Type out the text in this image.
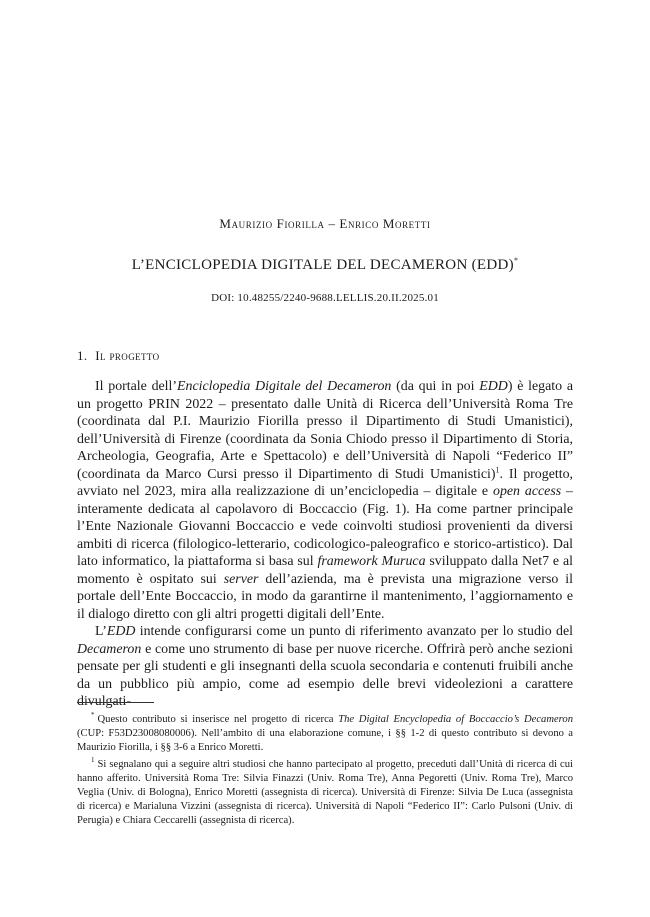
Maurizio Fiorilla – Enrico Moretti
L’ENCICLOPEDIA DIGITALE DEL DECAMERON (EDD)*
DOI: 10.48255/2240-9688.LELLIS.20.II.2025.01
1. Il progetto

Il portale dell’Enciclopedia Digitale del Decameron (da qui in poi EDD) è legato a un progetto PRIN 2022 – presentato dalle Unità di Ricerca dell’Università Roma Tre (coordinata dal P.I. Maurizio Fiorilla presso il Dipartimento di Studi Umanistici), dell’Università di Firenze (coordinata da Sonia Chiodo presso il Dipartimento di Storia, Archeologia, Geografia, Arte e Spettacolo) e dell’Università di Napoli “Federico II” (coordinata da Marco Cursi presso il Dipartimento di Studi Umanistici)$^1$. Il progetto, avviato nel 2023, mira alla realizzazione di un’enciclopedia – digitale e open access – interamente dedicata al capolavoro di Boccaccio (Fig. 1). Ha come partner principale l’Ente Nazionale Giovanni Boccaccio e vede coinvolti studiosi provenienti da diversi ambiti di ricerca (filologico-letterario, codicologico-paleografico e storico-artistico). Dal lato informatico, la piattaforma si basa sul framework Muruca sviluppato dalla Net7 e al momento è ospitato sui server dell’azienda, ma è prevista una migrazione verso il portale dell’Ente Boccaccio, in modo da garantirne il mantenimento, l’aggiornamento e il dialogo diretto con gli altri progetti digitali dell’Ente.

L’EDD intende configurarsi come un punto di riferimento avanzato per lo studio del Decameron e come uno strumento di base per nuove ricerche. Offrirà però anche sezioni pensate per gli studenti e gli insegnanti della scuola secondaria e contenuti fruibili anche da un pubblico più ampio, come ad esempio delle brevi videolezioni a carattere divulgati-

* Questo contributo si inserisce nel progetto di ricerca The Digital Encyclopedia of Boccaccio’s Decameron (CUP: F53D23008080006). Nell’ambito di una elaborazione comune, i §§ 1-2 di questo contributo si devono a Maurizio Fiorilla, i §§ 3-6 a Enrico Moretti.

$^1$ Si segnalano qui a seguire altri studiosi che hanno partecipato al progetto, preceduti dall’Unità di ricerca di cui hanno afferito. Università Roma Tre: Silvia Finazzi (Univ. Roma Tre), Anna Pegoretti (Univ. Roma Tre), Marco Veglia (Univ. di Bologna), Enrico Moretti (assegnista di ricerca). Università di Firenze: Silvia De Luca (assegnista di ricerca) e Marialuna Vizzini (assegnista di ricerca). Università di Napoli “Federico II”: Carlo Pulsoni (Univ. di Perugia) e Chiara Ceccarelli (assegnista di ricerca).
